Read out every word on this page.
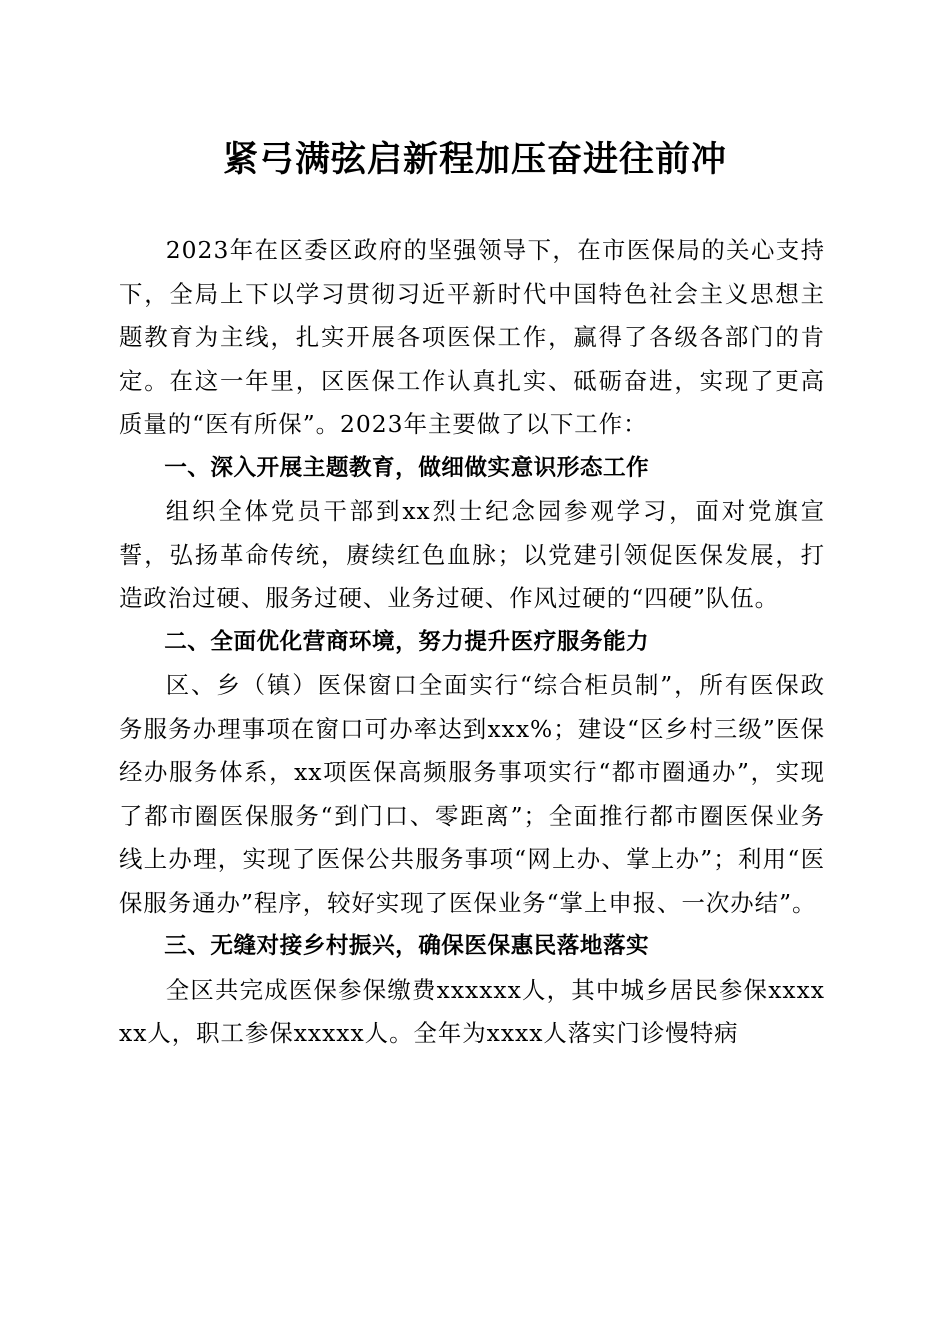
紧弓满弦启新程加压奋进往前冲

2023年在区委区政府的坚强领导下，在市医保局的关心支持下，全局上下以学习贯彻习近平新时代中国特色社会主义思想主题教育为主线，扎实开展各项医保工作，赢得了各级各部门的肯定。在这一年里，区医保工作认真扎实、砥砺奋进，实现了更高质量的“医有所保”。2023年主要做了以下工作：

一、深入开展主题教育，做细做实意识形态工作

组织全体党员干部到xx烈士纪念园参观学习，面对党旗宣誓，弘扬革命传统，赓续红色血脉；以党建引领促医保发展，打造政治过硬、服务过硬、业务过硬、作风过硬的“四硬”队伍。

二、全面优化营商环境，努力提升医疗服务能力

区、乡（镇）医保窗口全面实行“综合柜员制”，所有医保政务服务办理事项在窗口可办率达到xxx%；建设“区乡村三级”医保经办服务体系，xx项医保高频服务事项实行“都市圈通办”，实现了都市圈医保服务“到门口、零距离”；全面推行都市圈医保业务线上办理，实现了医保公共服务事项“网上办、掌上办”；利用“医保服务通办”程序，较好实现了医保业务“掌上申报、一次办结”。

三、无缝对接乡村振兴，确保医保惠民落地落实

全区共完成医保参保缴费xxxxxx人，其中城乡居民参保xxxxxx人，职工参保xxxxx人。全年为xxxx人落实门诊慢特病
